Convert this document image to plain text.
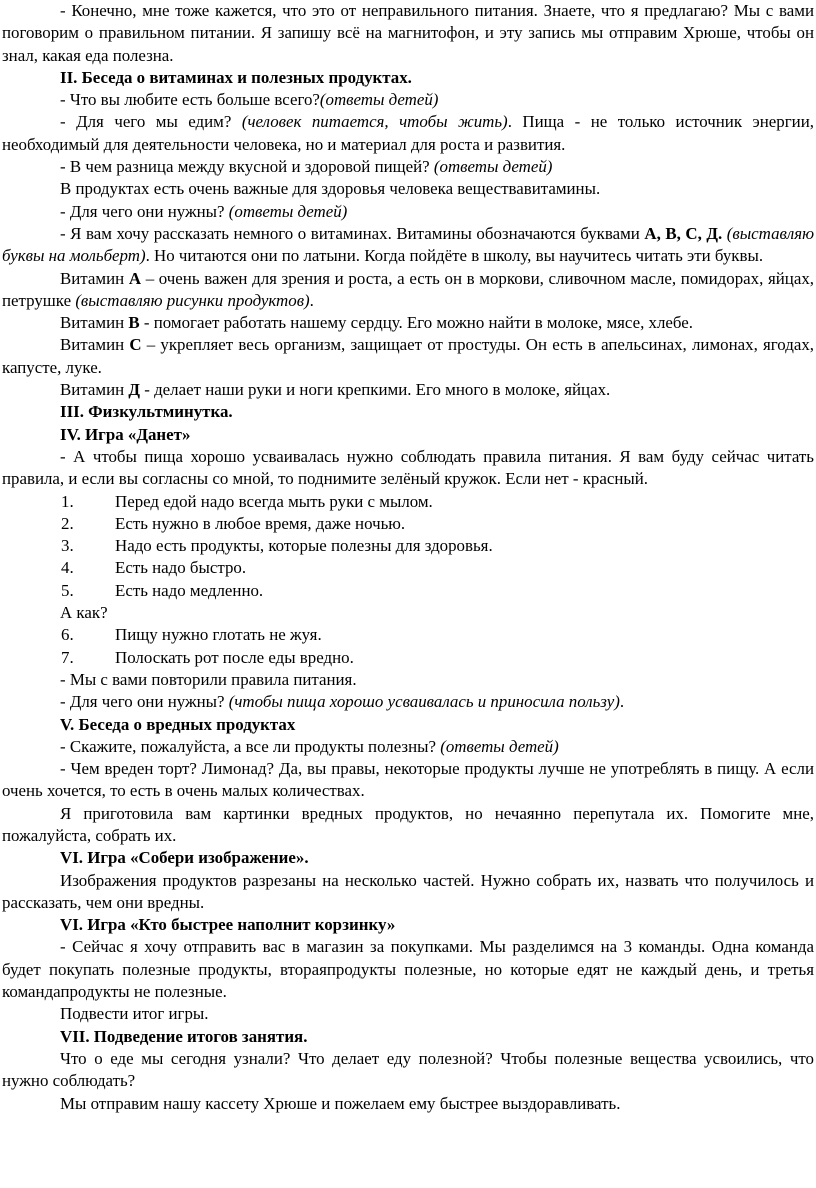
- Конечно, мне тоже кажется, что это от неправильного питания. Знаете, что я предлагаю? Мы с вами поговорим о правильном питании. Я запишу всё на магнитофон, и эту запись мы отправим Хрюше, чтобы он знал, какая еда полезна.

II. Беседа о витаминах и полезных продуктах.

- Что вы любите есть больше всего?(ответы детей)

- Для чего мы едим? (человек питается, чтобы жить). Пища - не только источник энергии, необходимый для деятельности человека, но и материал для роста и развития.

- В чем разница между вкусной и здоровой пищей? (ответы детей)

В продуктах есть очень важные для здоровья человека веществавитамины.

- Для чего они нужны? (ответы детей)

- Я вам хочу рассказать немного о витаминах. Витамины обозначаются буквами А, В, С, Д. (выставляю буквы на мольберт). Но читаются они по латыни. Когда пойдёте в школу, вы научитесь читать эти буквы.

Витамин А – очень важен для зрения и роста, а есть он в моркови, сливочном масле, помидорах, яйцах, петрушке (выставляю рисунки продуктов).

Витамин В - помогает работать нашему сердцу. Его можно найти в молоке, мясе, хлебе.

Витамин С – укрепляет весь организм, защищает от простуды. Он есть в апельсинах, лимонах, ягодах, капусте, луке.

Витамин Д - делает наши руки и ноги крепкими. Его много в молоке, яйцах.

III. Физкультминутка.

IV. Игра «Данет»

- А чтобы пища хорошо усваивалась нужно соблюдать правила питания. Я вам буду сейчас читать правила, и если вы согласны со мной, то поднимите зелёный кружок. Если нет - красный.

1. Перед едой надо всегда мыть руки с мылом.

2. Есть нужно в любое время, даже ночью.

3. Надо есть продукты, которые полезны для здоровья.

4. Есть надо быстро.

5. Есть надо медленно.

А как?

6. Пищу нужно глотать не жуя.

7. Полоскать рот после еды вредно.

- Мы с вами повторили правила питания.

- Для чего они нужны? (чтобы пища хорошо усваивалась и приносила пользу).

V. Беседа о вредных продуктах

- Скажите, пожалуйста, а все ли продукты полезны? (ответы детей)

- Чем вреден торт? Лимонад? Да, вы правы, некоторые продукты лучше не употреблять в пищу. А если очень хочется, то есть в очень малых количествах.

Я приготовила вам картинки вредных продуктов, но нечаянно перепутала их. Помогите мне, пожалуйста, собрать их.

VI. Игра «Собери изображение».

Изображения продуктов разрезаны на несколько частей. Нужно собрать их, назвать что получилось и рассказать, чем они вредны.

VI. Игра «Кто быстрее наполнит корзинку»

- Сейчас я хочу отправить вас в магазин за покупками. Мы разделимся на 3 команды. Одна команда будет покупать полезные продукты, втораяпродукты полезные, но которые едят не каждый день, и третья командапродукты не полезные.

Подвести итог игры.

VII. Подведение итогов занятия.

Что о еде мы сегодня узнали? Что делает еду полезной? Чтобы полезные вещества усвоились, что нужно соблюдать?

Мы отправим нашу кассету Хрюше и пожелаем ему быстрее выздоравливать.
